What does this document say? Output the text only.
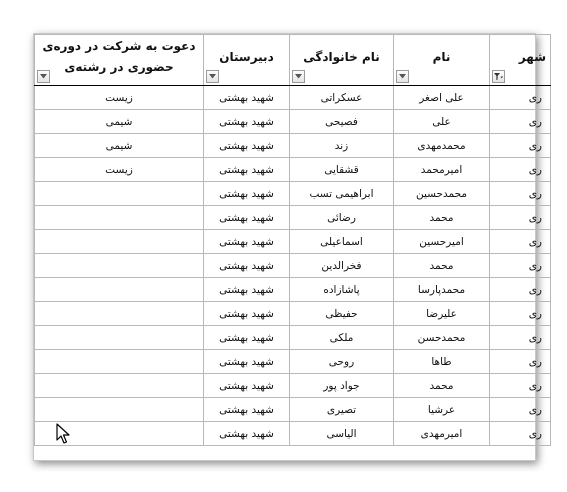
شهر	نام	نام خانوادگی	دبیرستان	دعوت به شرکت در دوره‌ی حضوری در رشته‌ی

ری	علی اصغر	عسکراتی	شهید بهشتی	زیست
ری	علی	فصیحی	شهید بهشتی	شیمی
ری	محمدمهدی	زند	شهید بهشتی	شیمی
ری	امیرمحمد	قشقایی	شهید بهشتی	زیست
ری	محمدحسین	ابراهیمی تسب	شهید بهشتی	
ری	محمد	رضائی	شهید بهشتی	
ری	امیرحسین	اسماعیلی	شهید بهشتی	
ری	محمد	فخرالدین	شهید بهشتی	
ری	محمدپارسا	پاشازاده	شهید بهشتی	
ری	علیرضا	حفیظی	شهید بهشتی	
ری	محمدحسن	ملکی	شهید بهشتی	
ری	طاها	روحی	شهید بهشتی	
ری	محمد	جواد پور	شهید بهشتی	
ری	عرشیا	تصیری	شهید بهشتی	
ری	امیرمهدی	الیاسی	شهید بهشتی	
